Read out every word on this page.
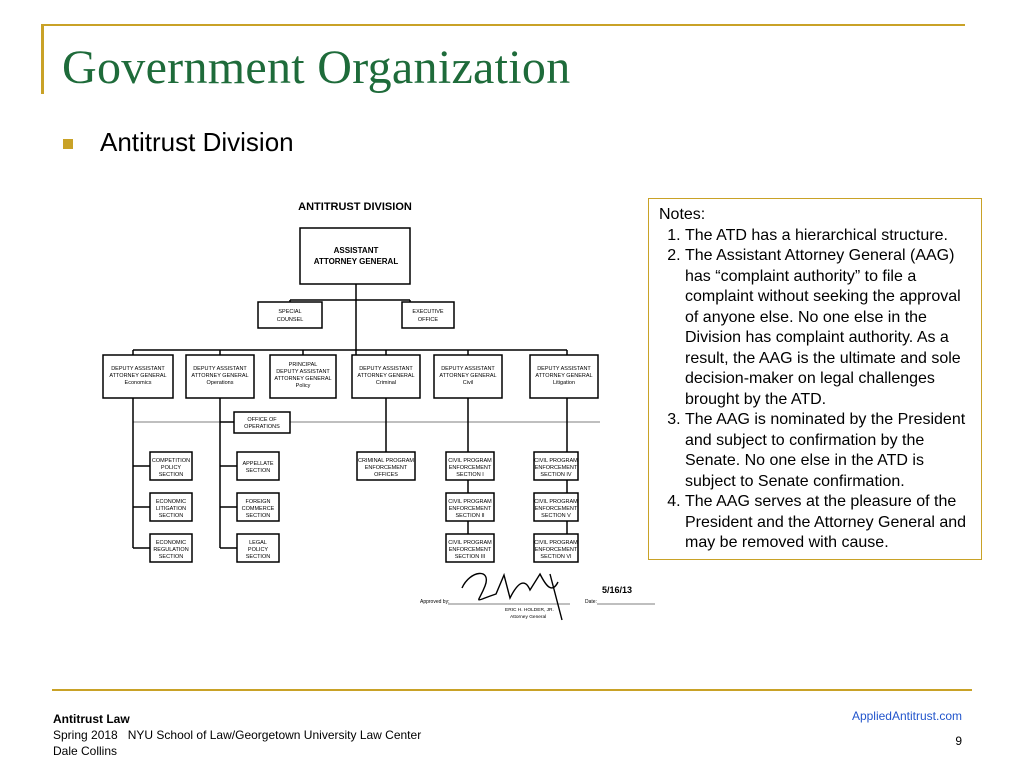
Government Organization
Antitrust Division
ANTITRUST DIVISION
ASSISTANT
ATTORNEY GENERAL
SPECIAL
COUNSEL
EXECUTIVE
OFFICE
DEPUTY ASSISTANT
ATTORNEY GENERAL
Economics
DEPUTY ASSISTANT
ATTORNEY GENERAL
Operations
PRINCIPAL
DEPUTY ASSISTANT
ATTORNEY GENERAL
Policy
DEPUTY ASSISTANT
ATTORNEY GENERAL
Criminal
DEPUTY ASSISTANT
ATTORNEY GENERAL
Civil
DEPUTY ASSISTANT
ATTORNEY GENERAL
Litigation
OFFICE OF
OPERATIONS
COMPETITION
POLICY
SECTION
ECONOMIC
LITIGATION
SECTION
ECONOMIC
REGULATION
SECTION
APPELLATE
SECTION
FOREIGN
COMMERCE
SECTION
LEGAL
POLICY
SECTION
CRIMINAL PROGRAM
ENFORCEMENT
OFFICES
CIVIL PROGRAM
ENFORCEMENT
SECTION I
CIVIL PROGRAM
ENFORCEMENT
SECTION II
CIVIL PROGRAM
ENFORCEMENT
SECTION III
CIVIL PROGRAM
ENFORCEMENT
SECTION IV
CIVIL PROGRAM
ENFORCEMENT
SECTION V
CIVIL PROGRAM
ENFORCEMENT
SECTION VI
Approved by:
ERIC H. HOLDER, JR.
Attorney General
Date:
5/16/13
Notes:
1. The ATD has a hierarchical structure.
2. The Assistant Attorney General (AAG) has “complaint authority” to file a complaint without seeking the approval of anyone else. No one else in the Division has complaint authority. As a result, the AAG is the ultimate and sole decision-maker on legal challenges brought by the ATD.
3. The AAG is nominated by the President and subject to confirmation by the Senate. No one else in the ATD is subject to Senate confirmation.
4. The AAG serves at the pleasure of the President and the Attorney General and may be removed with cause.
Antitrust Law
Spring 2018   NYU School of Law/Georgetown University Law Center
Dale Collins
AppliedAntitrust.com
9
